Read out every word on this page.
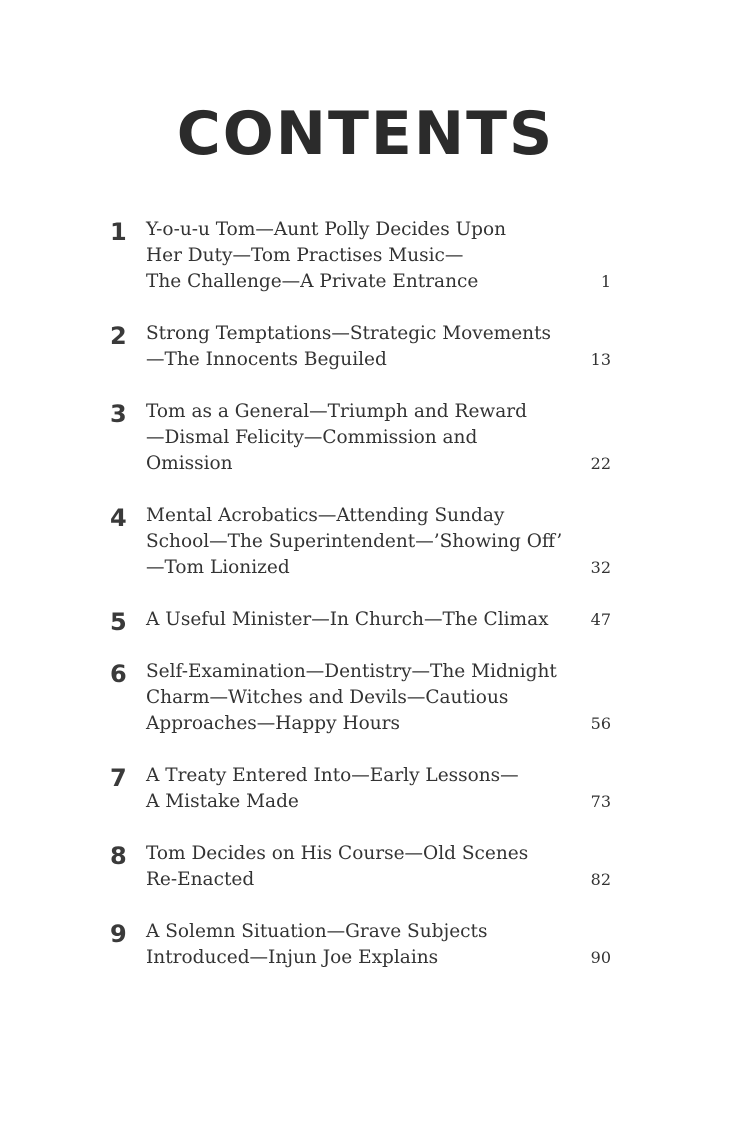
CONTENTS
1 Y-o-u-u Tom—Aunt Polly Decides Upon
Her Duty—Tom Practises Music—
The Challenge—A Private Entrance	1
2 Strong Temptations—Strategic Movements
—The Innocents Beguiled	13
3 Tom as a General—Triumph and Reward
—Dismal Felicity—Commission and
Omission	22
4 Mental Acrobatics—Attending Sunday
School—The Superintendent—’Showing Off’
—Tom Lionized	32
5 A Useful Minister—In Church—The Climax	47
6 Self-Examination—Dentistry—The Midnight
Charm—Witches and Devils—Cautious
Approaches—Happy Hours	56
7 A Treaty Entered Into—Early Lessons—
A Mistake Made	73
8 Tom Decides on His Course—Old Scenes
Re-Enacted	82
9 A Solemn Situation—Grave Subjects
Introduced—Injun Joe Explains	90
